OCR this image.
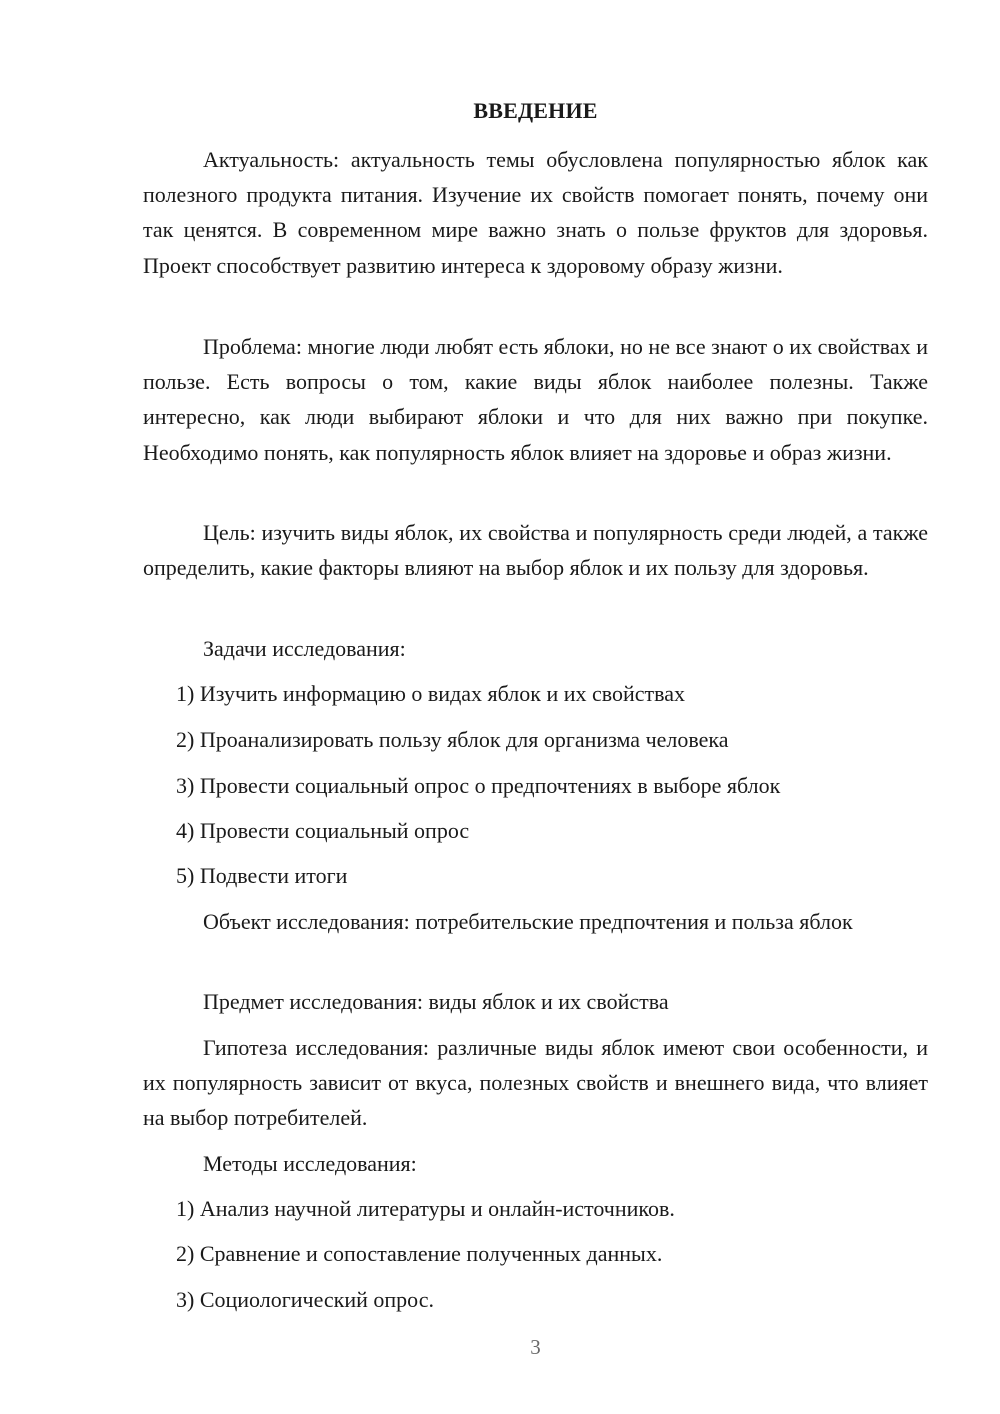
ВВЕДЕНИЕ

Актуальность: актуальность темы обусловлена популярностью яблок как полезного продукта питания. Изучение их свойств помогает понять, почему они так ценятся. В современном мире важно знать о пользе фруктов для здоровья. Проект способствует развитию интереса к здоровому образу жизни.

Проблема: многие люди любят есть яблоки, но не все знают о их свойствах и пользе. Есть вопросы о том, какие виды яблок наиболее полезны. Также интересно, как люди выбирают яблоки и что для них важно при покупке. Необходимо понять, как популярность яблок влияет на здоровье и образ жизни.

Цель: изучить виды яблок, их свойства и популярность среди людей, а также определить, какие факторы влияют на выбор яблок и их пользу для здоровья.

Задачи исследования:

1) Изучить информацию о видах яблок и их свойствах

2) Проанализировать пользу яблок для организма человека

3) Провести социальный опрос о предпочтениях в выборе яблок

4) Провести социальный опрос

5) Подвести итоги

Объект исследования: потребительские предпочтения и польза яблок

Предмет исследования: виды яблок и их свойства

Гипотеза исследования: различные виды яблок имеют свои особенности, и их популярность зависит от вкуса, полезных свойств и внешнего вида, что влияет на выбор потребителей.

Методы исследования:

1) Анализ научной литературы и онлайн-источников.

2) Сравнение и сопоставление полученных данных.

3) Социологический опрос.

3
